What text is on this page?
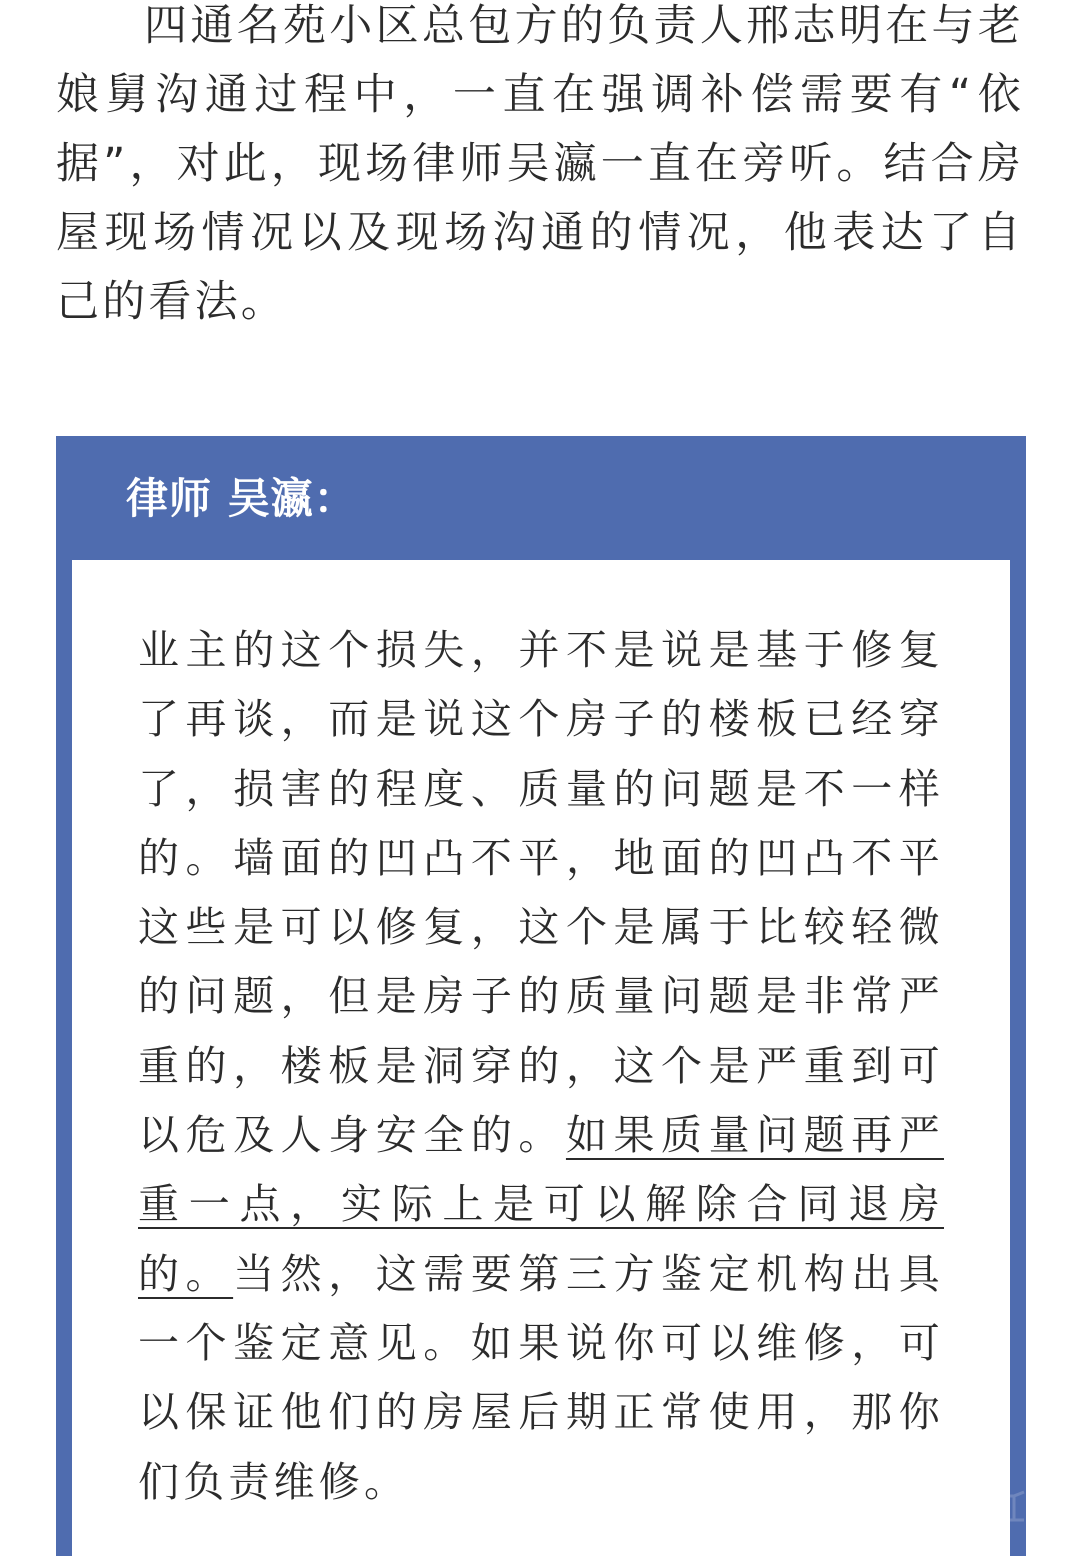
四通名苑小区总包方的负责人邢志明在与老娘舅沟通过程中，一直在强调补偿需要有“依据”，对此，现场律师吴瀛一直在旁听。结合房屋现场情况以及现场沟通的情况，他表达了自己的看法。

律师 吴瀛：

业主的这个损失，并不是说是基于修复了再谈，而是说这个房子的楼板已经穿了，损害的程度、质量的问题是不一样的。墙面的凹凸不平，地面的凹凸不平这些是可以修复，这个是属于比较轻微的问题，但是房子的质量问题是非常严重的，楼板是洞穿的，这个是严重到可以危及人身安全的。如果质量问题再严重一点，实际上是可以解除合同退房的。当然，这需要第三方鉴定机构出具一个鉴定意见。如果说你可以维修，可以保证他们的房屋后期正常使用，那你们负责维修。
